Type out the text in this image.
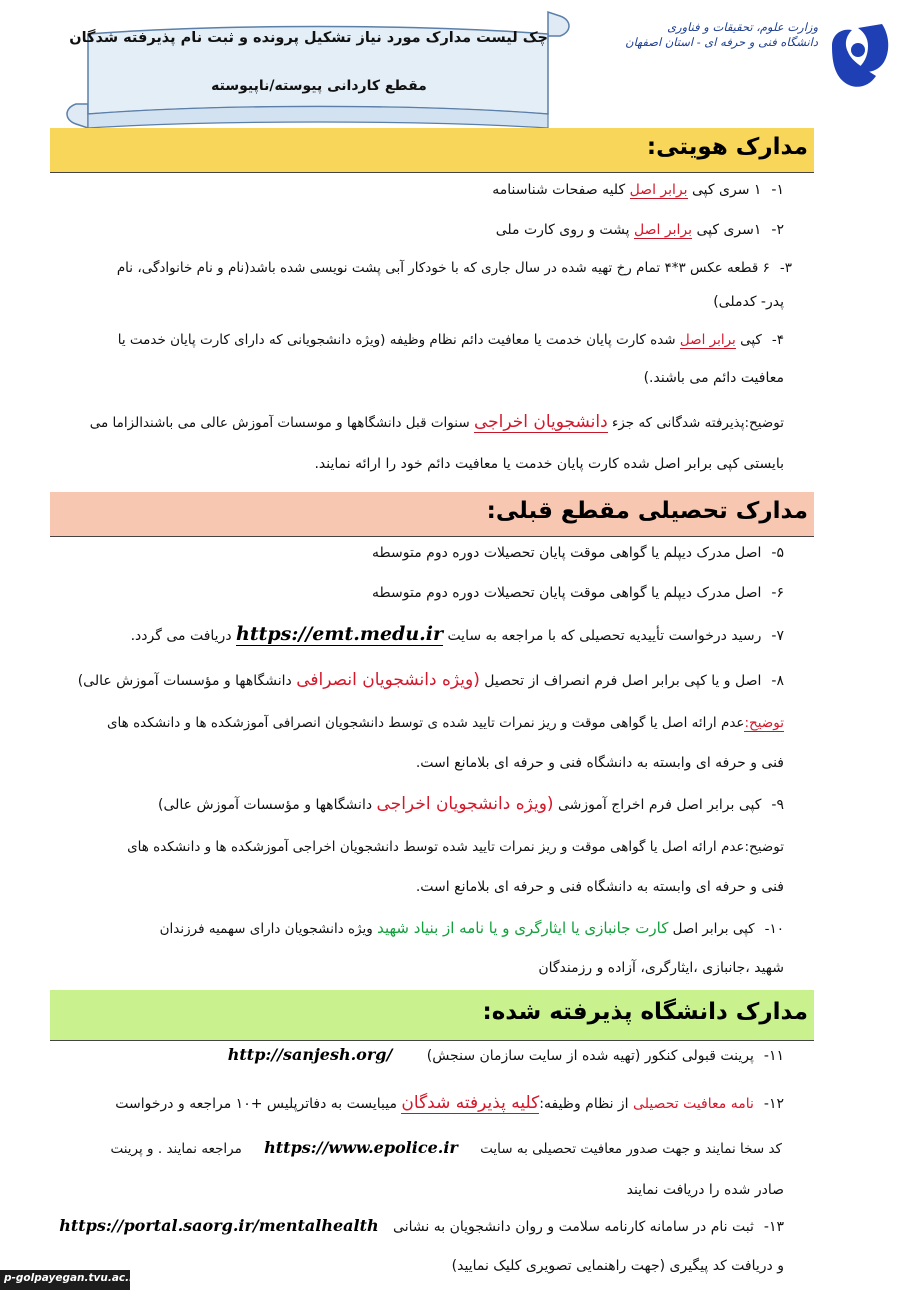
وزارت علوم، تحقیقات و فناوری
دانشگاه فنی و حرفه ای - استان اصفهان
چک لیست مدارک مورد نیاز تشکیل پرونده و ثبت نام پذیرفته شدگان
مقطع کاردانی پیوسته/ناپیوسته
مدارک هویتی:
۱-۱ سری کپی برابر اصل کلیه صفحات شناسنامه
۲-۱سری کپی برابر اصل پشت و روی کارت ملی
۳-۶ قطعه عکس ۳*۴ تمام رخ تهیه شده در سال جاری که با خودکار آبی پشت نویسی شده باشد(نام و نام خانوادگی، نام
پدر- کدملی)
۴-کپی برابر اصل شده کارت پایان خدمت یا معافیت دائم نظام وظیفه (ویژه دانشجویانی که دارای کارت پایان خدمت یا
معافیت دائم می باشند.)
توضیح:پذیرفته شدگانی که جزء دانشجویان اخراجی سنوات قبل دانشگاهها و موسسات آموزش عالی می باشندالزاما می
بایستی کپی برابر اصل شده کارت پایان خدمت یا معافیت دائم خود را ارائه نمایند.
مدارک تحصیلی مقطع قبلی:
۵-اصل مدرک دیپلم یا گواهی موقت پایان تحصیلات دوره دوم متوسطه
۶-اصل مدرک دیپلم یا گواهی موقت پایان تحصیلات دوره دوم متوسطه
۷-رسید درخواست تأییدیه تحصیلی که با مراجعه به سایت https://emt.medu.ir دریافت می گردد.
۸-اصل و یا کپی برابر اصل فرم انصراف از تحصیل (ویژه دانشجویان انصرافی دانشگاهها و مؤسسات آموزش عالی)
توضیح:عدم ارائه اصل یا گواهی موقت و ریز نمرات تایید شده ی توسط دانشجویان انصرافی آموزشکده ها و دانشکده های
فنی و حرفه ای وابسته به دانشگاه فنی و حرفه ای بلامانع است.
۹-کپی برابر اصل فرم اخراج آموزشی (ویژه دانشجویان اخراجی دانشگاهها و مؤسسات آموزش عالی)
توضیح:عدم ارائه اصل یا گواهی موقت و ریز نمرات تایید شده توسط دانشجویان اخراجی آموزشکده ها و دانشکده های
فنی و حرفه ای وابسته به دانشگاه فنی و حرفه ای بلامانع است.
۱۰-کپی برابر اصل کارت جانبازی یا ایثارگری و یا نامه از بنیاد شهید ویژه دانشجویان دارای سهمیه فرزندان
شهید ،جانبازی ،ایثارگری، آزاده و رزمندگان
مدارک دانشگاه پذیرفته شده:
۱۱-پرینت قبولی کنکور (تهیه شده از سایت سازمان سنجش) http://sanjesh.org/
۱۲-نامه معافیت تحصیلی از نظام وظیفه:کلیه پذیرفته شدگان میبایست به دفاترپلیس +۱۰ مراجعه و درخواست
کد سخا نمایند و جهت صدور معافیت تحصیلی به سایت https://www.epolice.ir مراجعه نمایند . و پرینت
صادر شده را دریافت نمایند
۱۳-ثبت نام در سامانه کارنامه سلامت و روان دانشجویان به نشانی https://portal.saorg.ir/mentalhealth
و دریافت کد پیگیری (جهت راهنمایی تصویری کلیک نمایید)
p-golpayegan.tvu.ac.ir
